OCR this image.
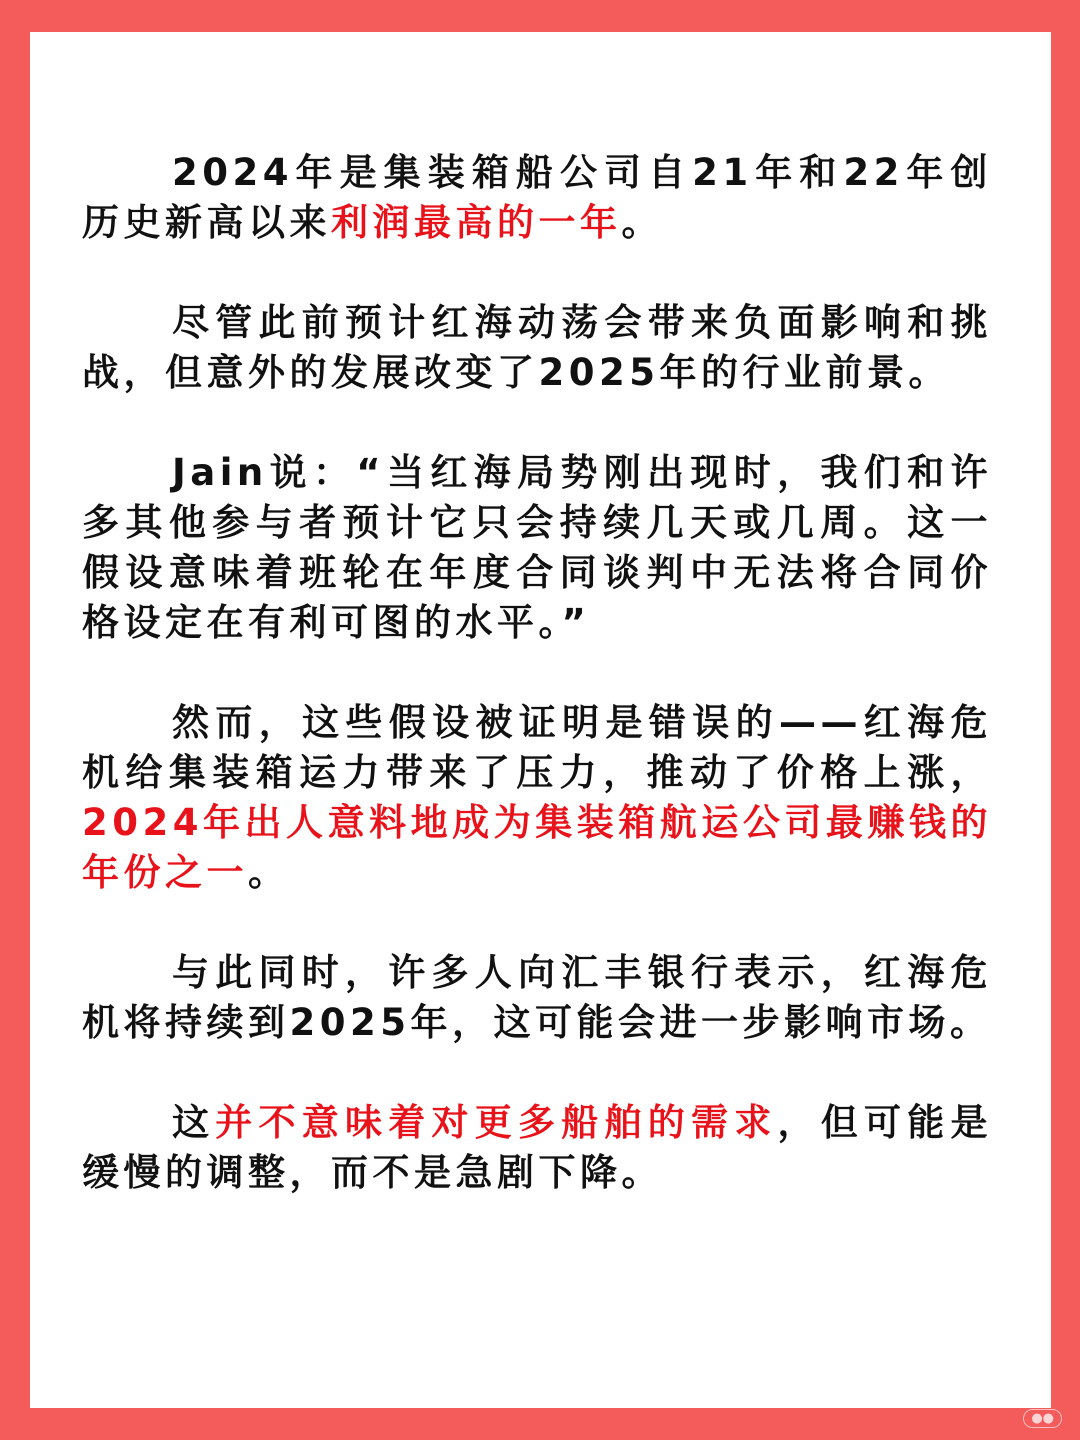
2024年是集装箱船公司自21年和22年创历史新高以来利润最高的一年。

尽管此前预计红海动荡会带来负面影响和挑战，但意外的发展改变了2025年的行业前景。

Jain说：“当红海局势刚出现时，我们和许多其他参与者预计它只会持续几天或几周。这一假设意味着班轮在年度合同谈判中无法将合同价格设定在有利可图的水平。”

然而，这些假设被证明是错误的——红海危机给集装箱运力带来了压力，推动了价格上涨，2024年出人意料地成为集装箱航运公司最赚钱的年份之一。

与此同时，许多人向汇丰银行表示，红海危机将持续到2025年，这可能会进一步影响市场。

这并不意味着对更多船舶的需求，但可能是缓慢的调整，而不是急剧下降。

●●
